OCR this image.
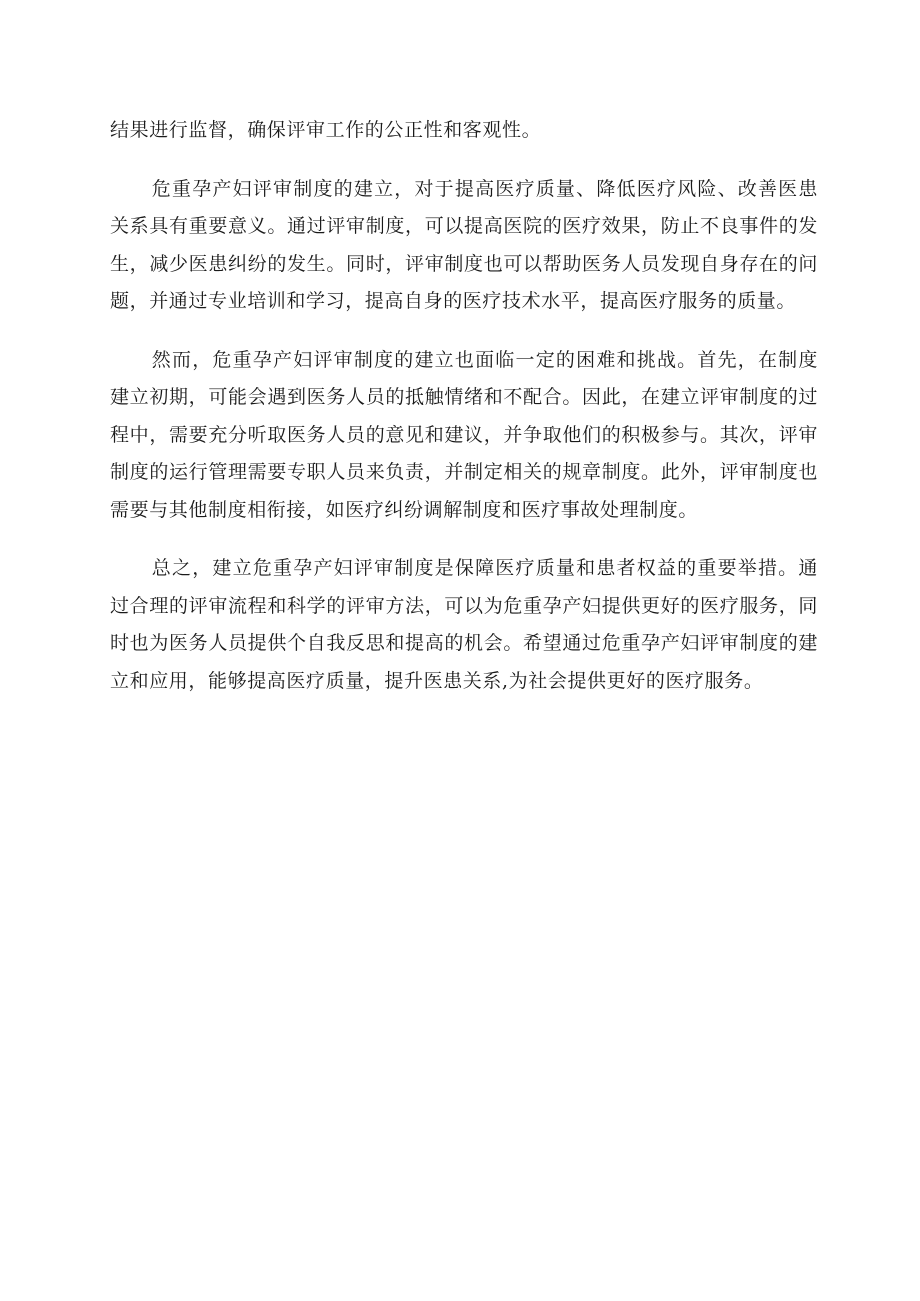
结果进行监督，确保评审工作的公正性和客观性。

危重孕产妇评审制度的建立，对于提高医疗质量、降低医疗风险、改善医患关系具有重要意义。通过评审制度，可以提高医院的医疗效果，防止不良事件的发生，减少医患纠纷的发生。同时，评审制度也可以帮助医务人员发现自身存在的问题，并通过专业培训和学习，提高自身的医疗技术水平，提高医疗服务的质量。

然而，危重孕产妇评审制度的建立也面临一定的困难和挑战。首先，在制度建立初期，可能会遇到医务人员的抵触情绪和不配合。因此，在建立评审制度的过程中，需要充分听取医务人员的意见和建议，并争取他们的积极参与。其次，评审制度的运行管理需要专职人员来负责，并制定相关的规章制度。此外，评审制度也需要与其他制度相衔接，如医疗纠纷调解制度和医疗事故处理制度。

总之，建立危重孕产妇评审制度是保障医疗质量和患者权益的重要举措。通过合理的评审流程和科学的评审方法，可以为危重孕产妇提供更好的医疗服务，同时也为医务人员提供个自我反思和提高的机会。希望通过危重孕产妇评审制度的建立和应用，能够提高医疗质量，提升医患关系,为社会提供更好的医疗服务。
